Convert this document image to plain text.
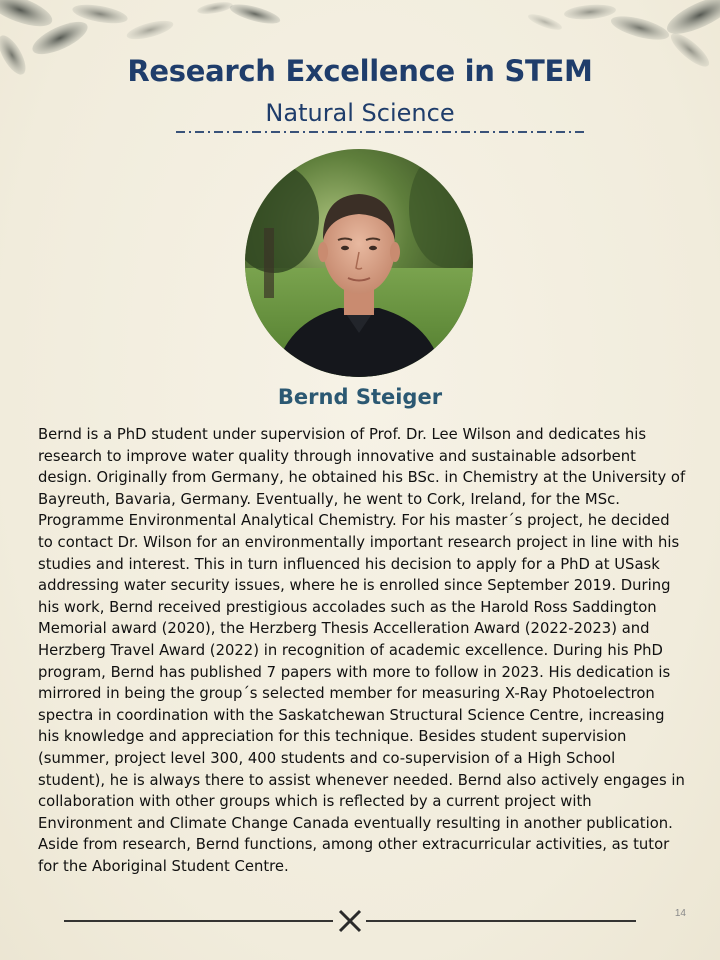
Research Excellence in STEM
Natural Science
Bernd Steiger

Bernd is a PhD student under supervision of Prof. Dr. Lee Wilson and dedicates his research to improve water quality through innovative and sustainable adsorbent design. Originally from Germany, he obtained his BSc. in Chemistry at the University of Bayreuth, Bavaria, Germany. Eventually, he went to Cork, Ireland, for the MSc. Programme Environmental Analytical Chemistry. For his master´s project, he decided to contact Dr. Wilson for an environmentally important research project in line with his studies and interest. This in turn influenced his decision to apply for a PhD at USask addressing water security issues, where he is enrolled since September 2019. During his work, Bernd received prestigious accolades such as the Harold Ross Saddington Memorial award (2020), the Herzberg Thesis Accelleration Award (2022-2023) and Herzberg Travel Award (2022) in recognition of academic excellence. During his PhD program, Bernd has published 7 papers with more to follow in 2023. His dedication is mirrored in being the group´s selected member for measuring X-Ray Photoelectron spectra in coordination with the Saskatchewan Structural Science Centre, increasing his knowledge and appreciation for this technique. Besides student supervision (summer, project level 300, 400 students and co-supervision of a High School student), he is always there to assist whenever needed. Bernd also actively engages in collaboration with other groups which is reflected by a current project with Environment and Climate Change Canada eventually resulting in another publication. Aside from research, Bernd functions, among other extracurricular activities, as tutor for the Aboriginal Student Centre.

14
